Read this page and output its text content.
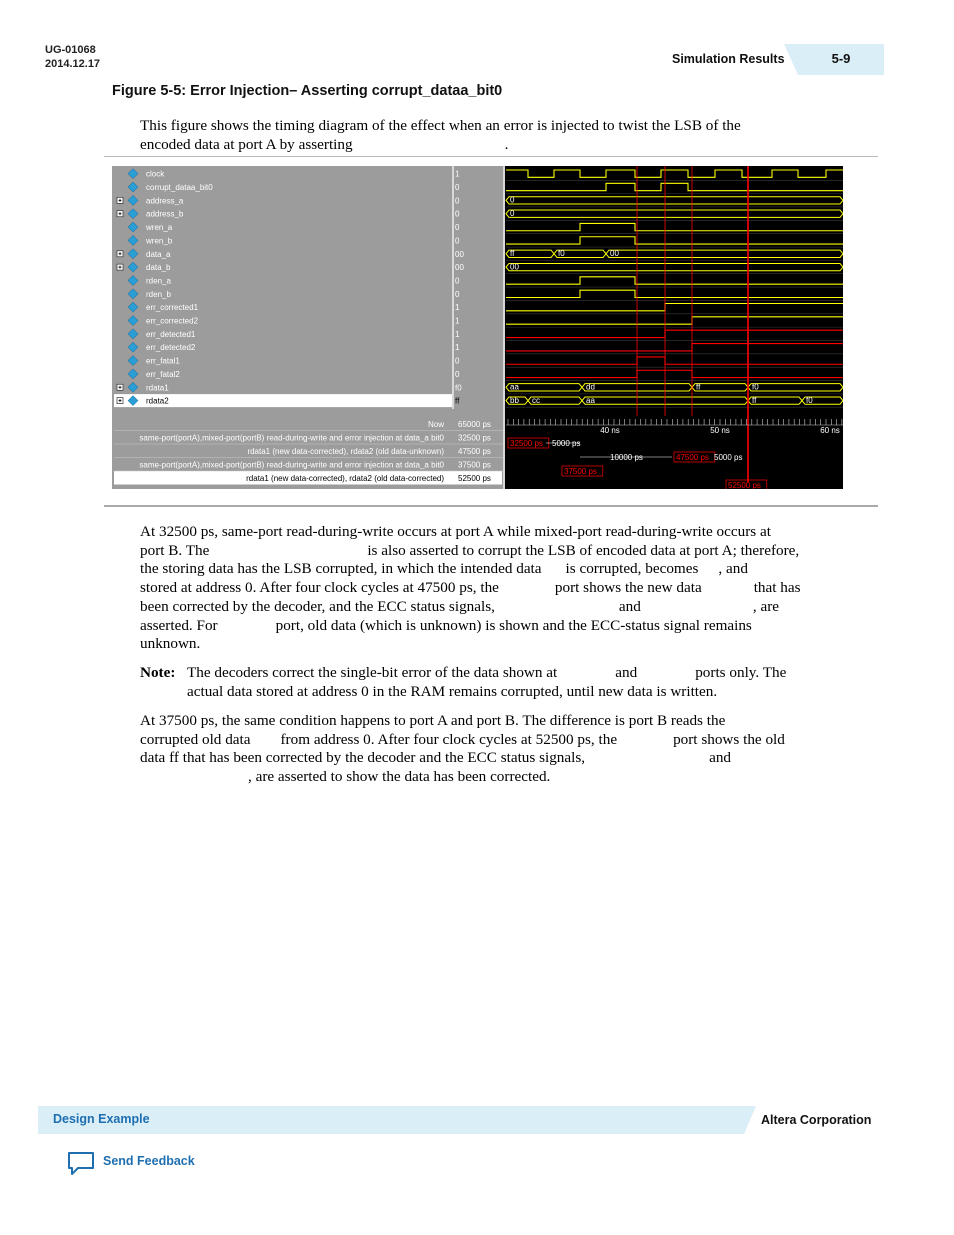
UG-01068
2014.12.17	Simulation Results	5-9
Figure 5-5: Error Injection– Asserting corrupt_dataa_bit0
This figure shows the timing diagram of the effect when an error is injected to twist the LSB of the
encoded data at port A by asserting	.
clock	1
corrupt_dataa_bit0	0
address_a	0
address_b	0
wren_a	0
wren_b	0
data_a	00
data_b	00
rden_a	0
rden_b	0
err_corrected1	1
err_corrected2	1
err_detected1	1
err_detected2	1
err_fatal1	0
err_fatal2	0
rdata1	f0
rdata2	ff
0
0
ff	f0	00
00
aa	dd	ff	f0
bb cc	aa	ff	f0
Now 65000 ps
same-port(portA),mixed-port(portB) read-during-write and error injection at data_a bit0 32500 ps
rdata1 (new data-corrected), rdata2 (old data-unknown) 47500 ps
same-port(portA),mixed-port(portB) read-during-write and error injection at data_a bit0 37500 ps
rdata1 (new data-corrected), rdata2 (old data-corrected) 52500 ps
40 ns	50 ns	60 ns
32500 ps 5000 ps
10000 ps	47500 ps 5000 ps
37500 ps
52500 ps
At 32500 ps, same-port read-during-write occurs at port A while mixed-port read-during-write occurs at
port B. The	is also asserted to corrupt the LSB of encoded data at port A; therefore,
the storing data has the LSB corrupted, in which the intended data is corrupted, becomes , and
stored at address 0. After four clock cycles at 47500 ps, the	port shows the new data	that has
been corrected by the decoder, and the ECC status signals,	and	, are
asserted. For	port, old data (which is unknown) is shown and the ECC-status signal remains
unknown.
Note: The decoders correct the single-bit error of the data shown at	and	ports only. The
actual data stored at address 0 in the RAM remains corrupted, until new data is written.
At 37500 ps, the same condition happens to port A and port B. The difference is port B reads the
corrupted old data from address 0. After four clock cycles at 52500 ps, the	port shows the old
data ff that has been corrected by the decoder and the ECC status signals,	and
, are asserted to show the data has been corrected.
Design Example	Altera Corporation
Send Feedback
